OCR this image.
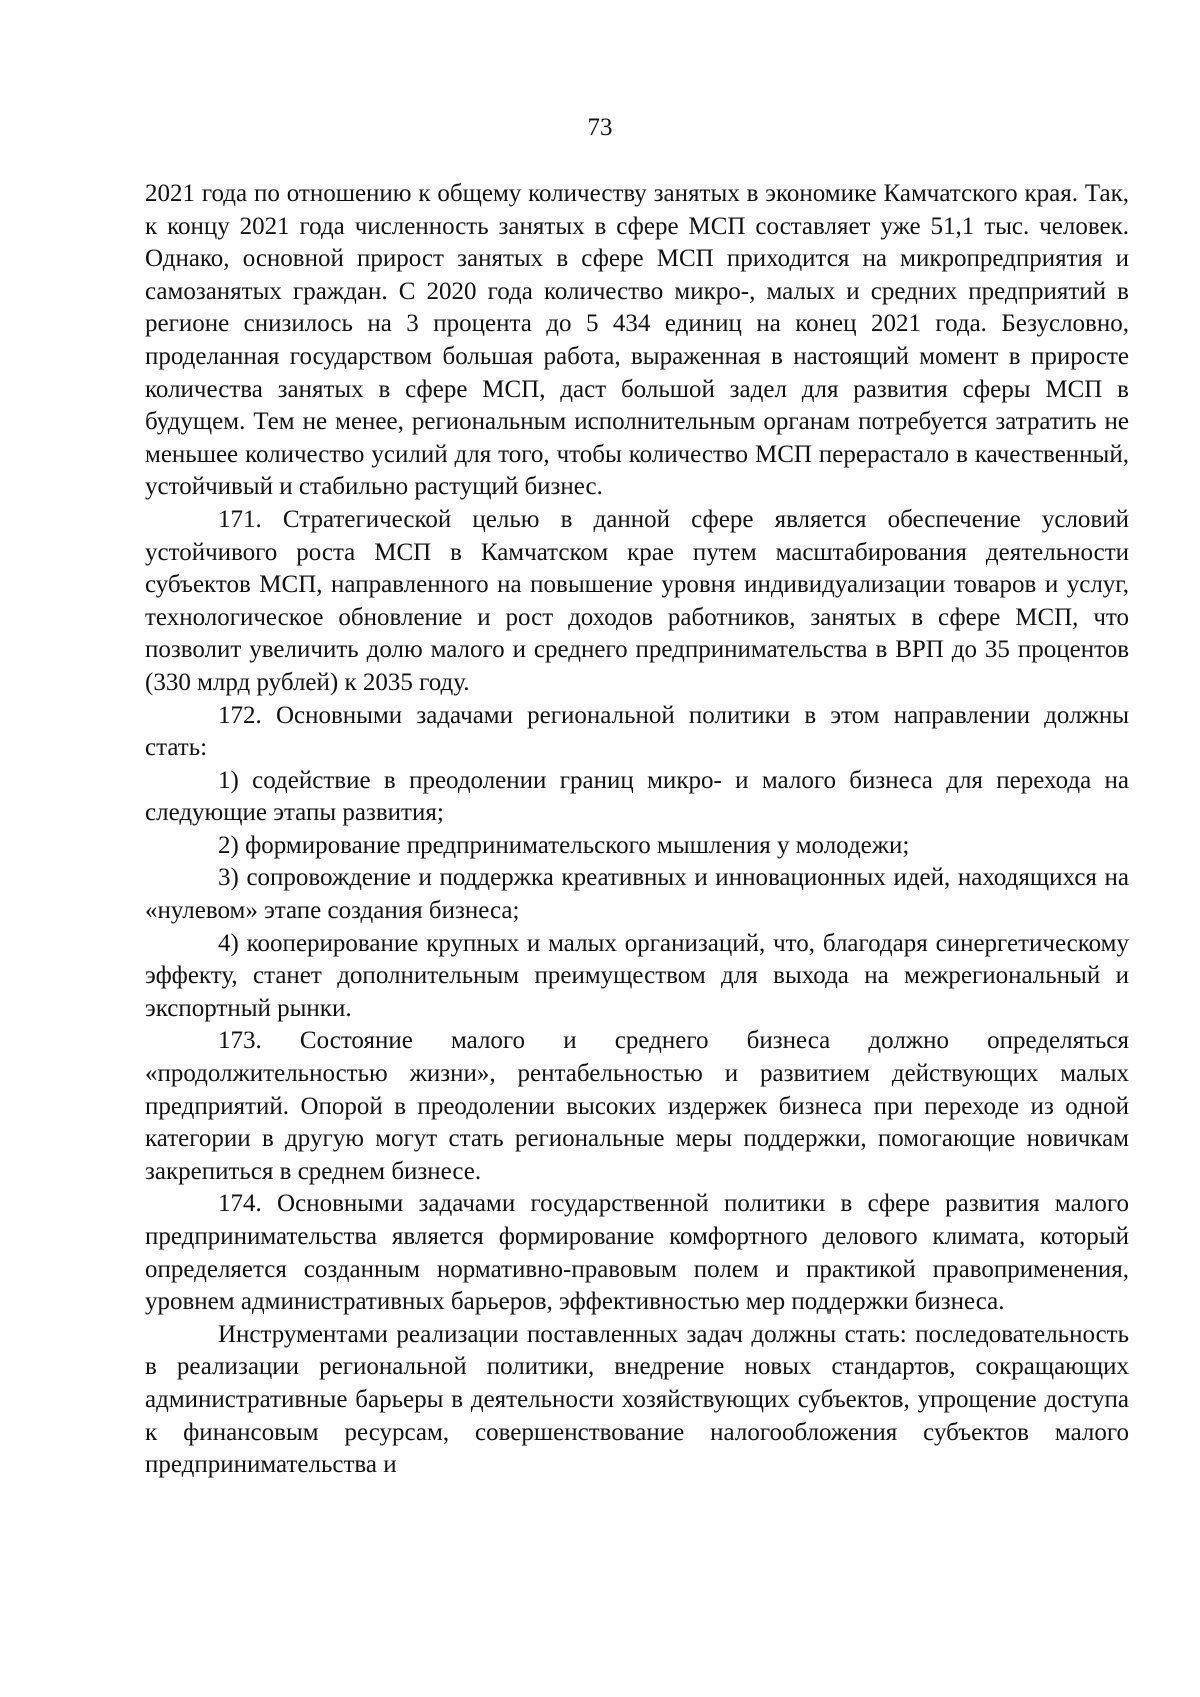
73

2021 года по отношению к общему количеству занятых в экономике Камчатского края. Так, к концу 2021 года численность занятых в сфере МСП составляет уже 51,1 тыс. человек. Однако, основной прирост занятых в сфере МСП приходится на микропредприятия и самозанятых граждан. С 2020 года количество микро-, малых и средних предприятий в регионе снизилось на 3 процента до 5 434 единиц на конец 2021 года. Безусловно, проделанная государством большая работа, выраженная в настоящий момент в приросте количества занятых в сфере МСП, даст большой задел для развития сферы МСП в будущем. Тем не менее, региональным исполнительным органам потребуется затратить не меньшее количество усилий для того, чтобы количество МСП перерастало в качественный, устойчивый и стабильно растущий бизнес.

171. Стратегической целью в данной сфере является обеспечение условий устойчивого роста МСП в Камчатском крае путем масштабирования деятельности субъектов МСП, направленного на повышение уровня индивидуализации товаров и услуг, технологическое обновление и рост доходов работников, занятых в сфере МСП, что позволит увеличить долю малого и среднего предпринимательства в ВРП до 35 процентов (330 млрд рублей) к 2035 году.

172. Основными задачами региональной политики в этом направлении должны стать:

1) содействие в преодолении границ микро- и малого бизнеса для перехода на следующие этапы развития;

2) формирование предпринимательского мышления у молодежи;

3) сопровождение и поддержка креативных и инновационных идей, находящихся на «нулевом» этапе создания бизнеса;

4) кооперирование крупных и малых организаций, что, благодаря синергетическому эффекту, станет дополнительным преимуществом для выхода на межрегиональный и экспортный рынки.

173. Состояние малого и среднего бизнеса должно определяться «продолжительностью жизни», рентабельностью и развитием действующих малых предприятий. Опорой в преодолении высоких издержек бизнеса при переходе из одной категории в другую могут стать региональные меры поддержки, помогающие новичкам закрепиться в среднем бизнесе.

174. Основными задачами государственной политики в сфере развития малого предпринимательства является формирование комфортного делового климата, который определяется созданным нормативно-правовым полем и практикой правоприменения, уровнем административных барьеров, эффективностью мер поддержки бизнеса.

Инструментами реализации поставленных задач должны стать: последовательность в реализации региональной политики, внедрение новых стандартов, сокращающих административные барьеры в деятельности хозяйствующих субъектов, упрощение доступа к финансовым ресурсам, совершенствование налогообложения субъектов малого предпринимательства и
